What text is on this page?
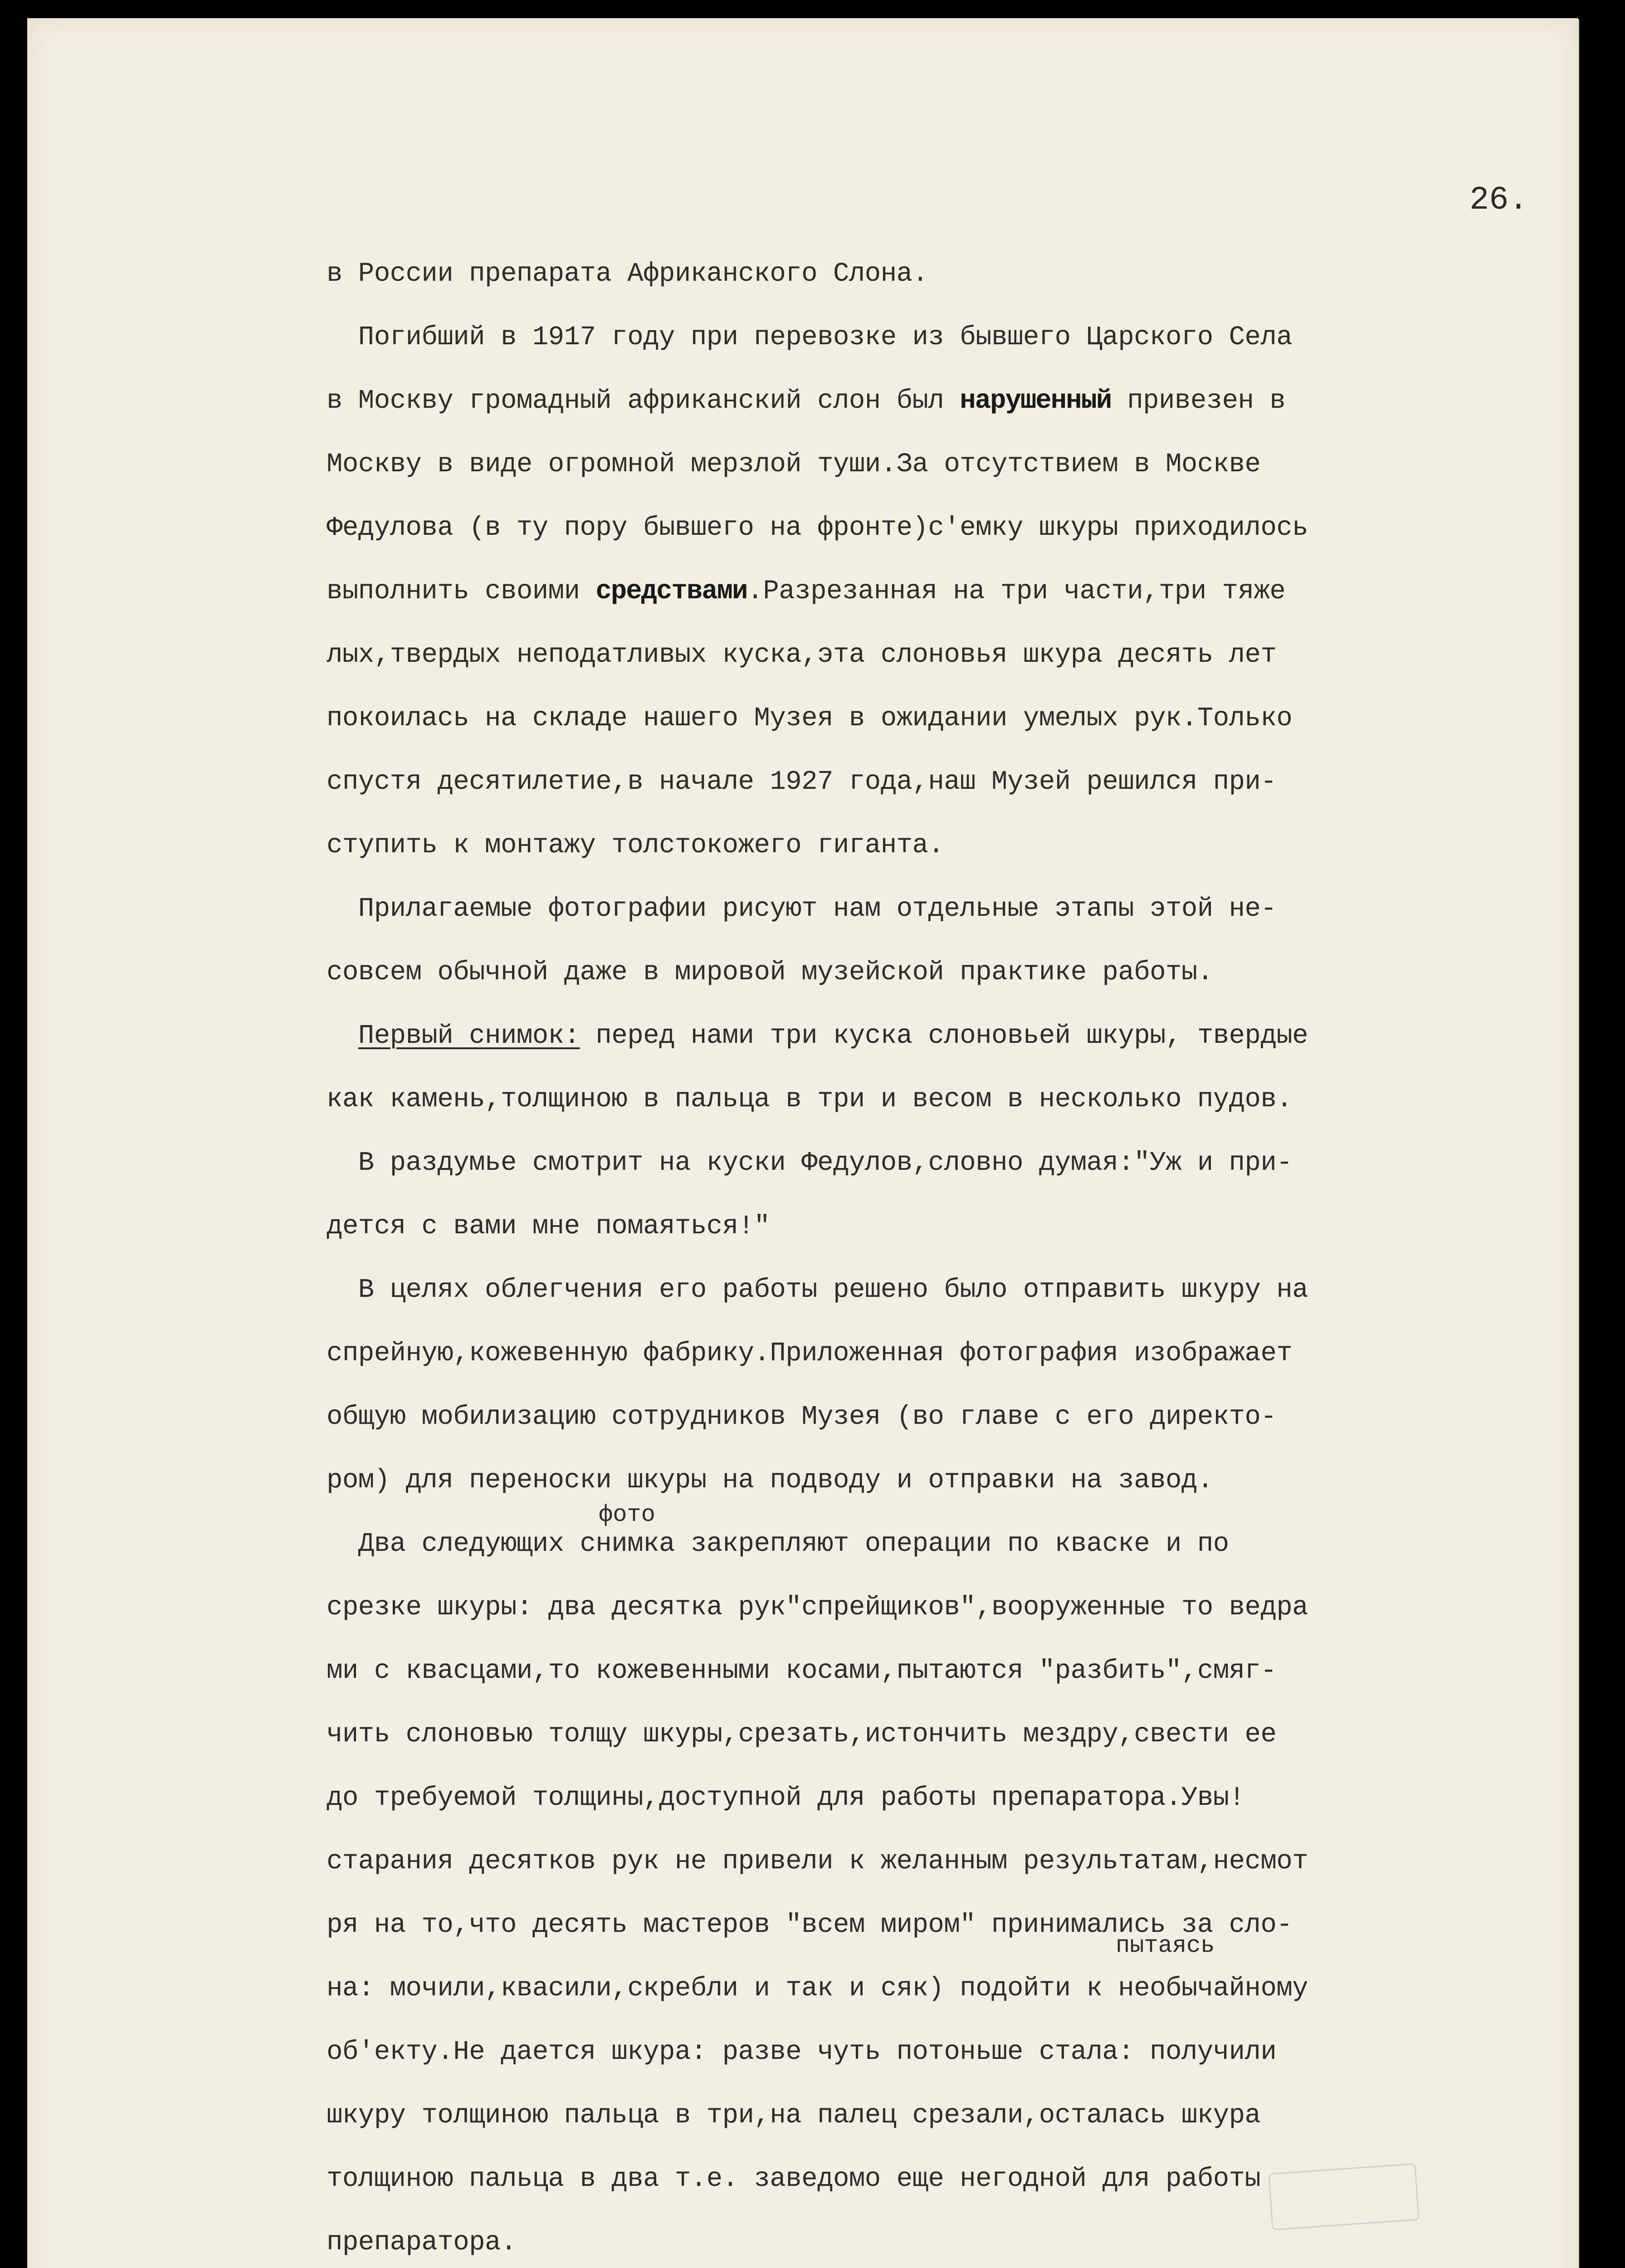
26.
в России препарата Африканского Слона.
Погибший в 1917 году при перевозке из бывшего Царского Села
в Москву громадный африканский слон был нарушенный привезен в
Москву в виде огромной мерзлой туши.За отсутствием в Москве
Федулова (в ту пору бывшего на фронте)с'емку шкуры приходилось
выполнить своими средствами.Разрезанная на три части,три тяже
лых,твердых неподатливых куска,эта слоновья шкура десять лет
покоилась на складе нашего Музея в ожидании умелых рук.Только
спустя десятилетие,в начале 1927 года,наш Музей решился при-
ступить к монтажу толстокожего гиганта.
Прилагаемые фотографии рисуют нам отдельные этапы этой не-
совсем обычной даже в мировой музейской практике работы.
Первый снимок: перед нами три куска слоновьей шкуры, твердые
как камень,толщиною в пальца в три и весом в несколько пудов.
В раздумье смотрит на куски Федулов,словно думая:"Уж и при-
дется с вами мне помаяться!"
В целях облегчения его работы решено было отправить шкуру на
спрейную,кожевенную фабрику.Приложенная фотография изображает
общую мобилизацию сотрудников Музея (во главе с его директо-
ром) для переноски шкуры на подводу и отправки на завод.
фото
Два следующих снимка закрепляют операции по кваске и по
срезке шкуры: два десятка рук"спрейщиков",вооруженные то ведра
ми с квасцами,то кожевенными косами,пытаются "разбить",смяг-
чить слоновью толщу шкуры,срезать,истончить мездру,свести ее
до требуемой толщины,доступной для работы препаратора.Увы!
старания десятков рук не привели к желанным результатам,несмот
ря на то,что десять мастеров "всем миром" принимались за сло-
пытаясь
на: мочили,квасили,скребли и так и сяк) подойти к необычайному
об'екту.Не дается шкура: разве чуть потоньше стала: получили
шкуру толщиною пальца в три,на палец срезали,осталась шкура
толщиною пальца в два т.е. заведомо еще негодной для работы
препаратора.
